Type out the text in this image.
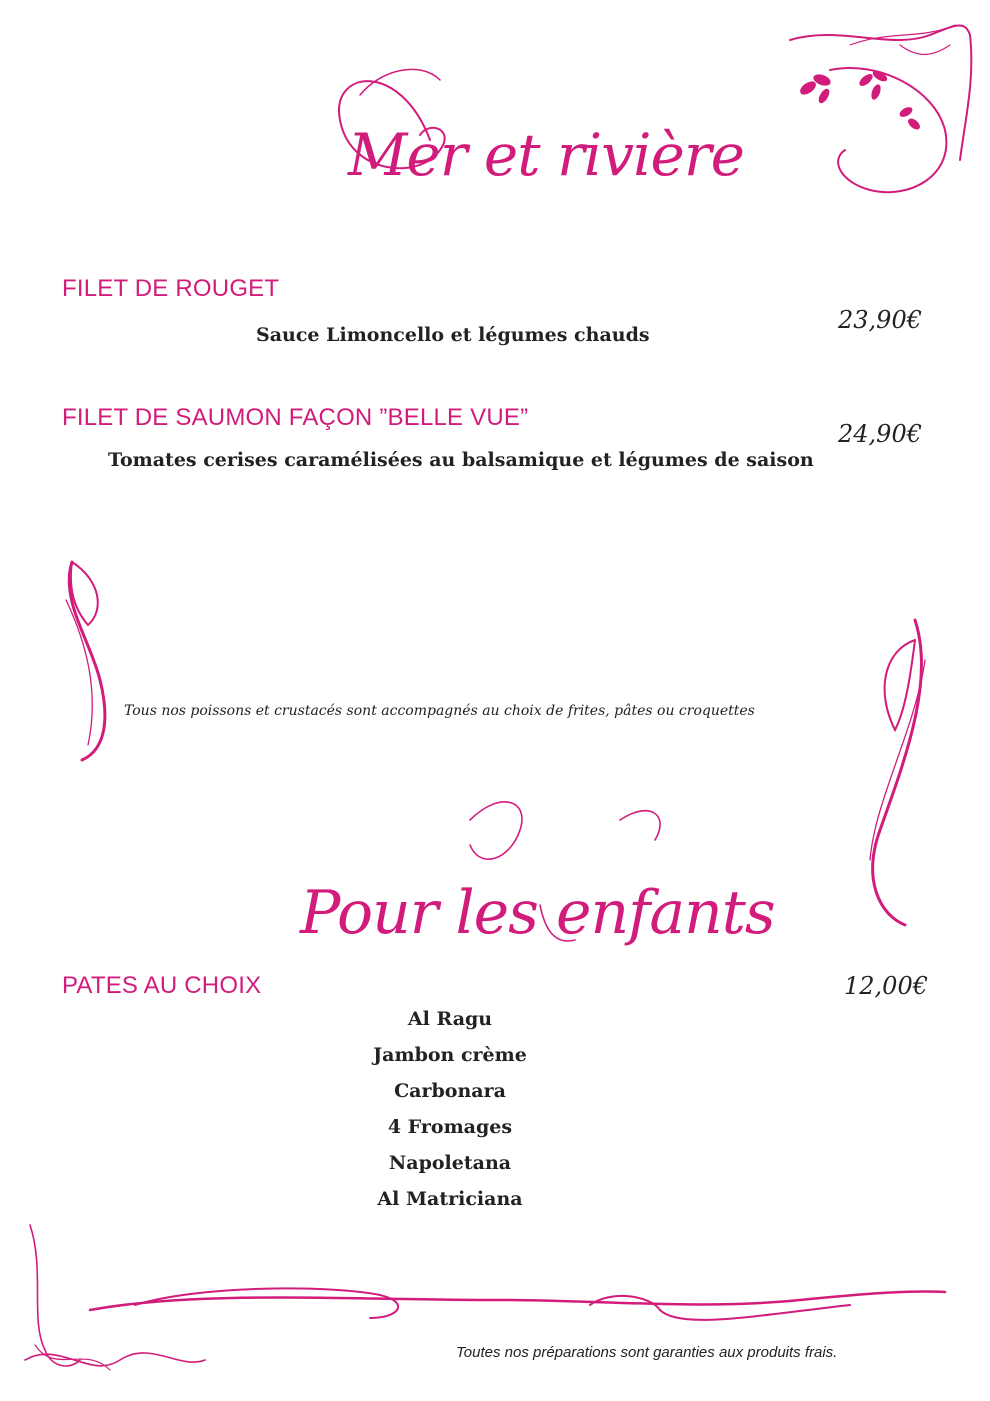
Mer et rivière
FILET DE ROUGET
Sauce Limoncello et légumes chauds
23,90€
FILET DE SAUMON FAÇON ”BELLE VUE”
Tomates cerises caramélisées au balsamique et légumes de saison
24,90€
Tous nos poissons et crustacés sont accompagnés au choix de frites, pâtes ou croquettes
Pour les enfants
PATES AU CHOIX	12,00€
Al Ragu
Jambon crème
Carbonara
4 Fromages
Napoletana
Al Matriciana
Toutes nos préparations sont garanties aux produits frais.
